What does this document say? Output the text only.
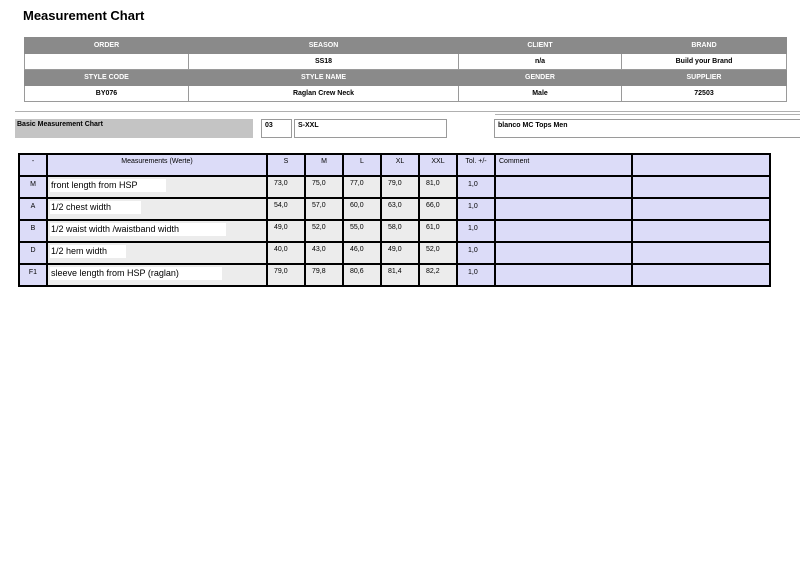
Measurement Chart
ORDER	SEASON	CLIENT	BRAND
	SS18	n/a	Build your Brand
STYLE CODE	STYLE NAME	GENDER	SUPPLIER
BY076	Raglan Crew Neck	Male	72503
Basic Measurement Chart	03	S-XXL	blanco MC Tops Men
-	Measurements (Werte)	S	M	L	XL	XXL	Tol. +/-	Comment	
M	front length from HSP	73,0	75,0	77,0	79,0	81,0	1,0		
A	1/2 chest width	54,0	57,0	60,0	63,0	66,0	1,0		
B	1/2 waist width /waistband width	49,0	52,0	55,0	58,0	61,0	1,0		
D	1/2 hem width	40,0	43,0	46,0	49,0	52,0	1,0		
F1	sleeve length from HSP (raglan)	79,0	79,8	80,6	81,4	82,2	1,0		
